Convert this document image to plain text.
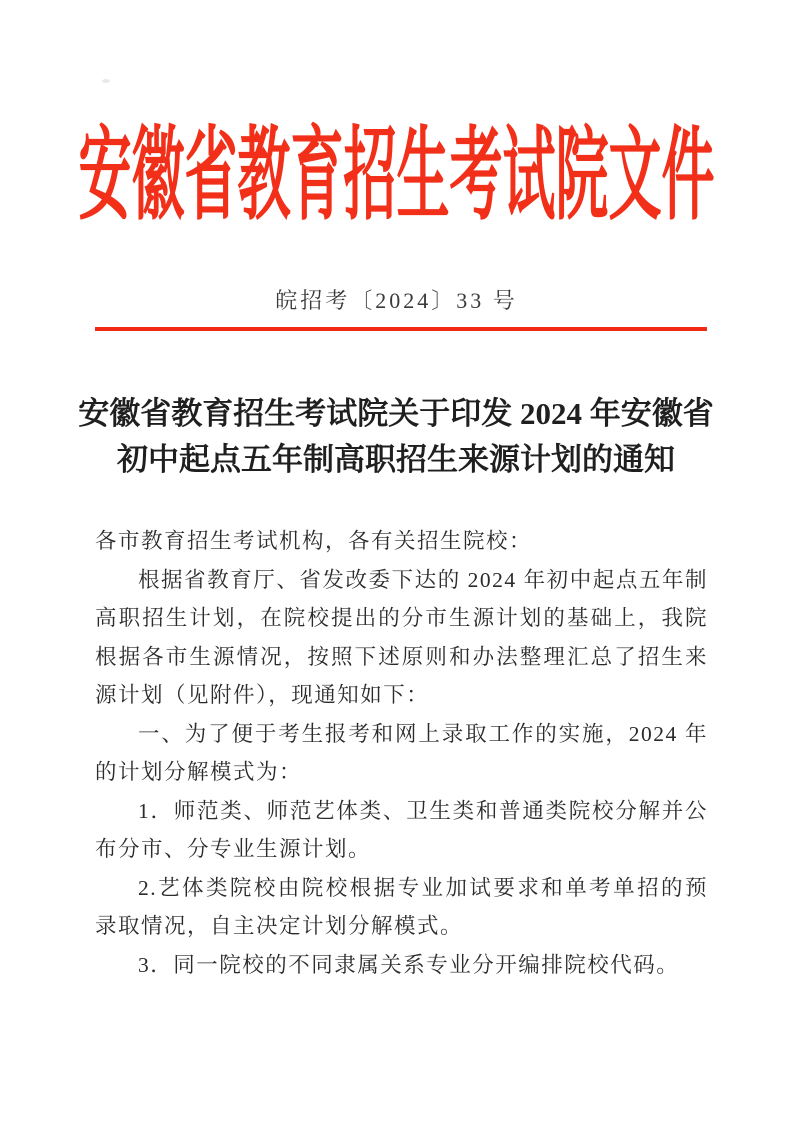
安徽省教育招生考试院文件
皖招考〔2024〕33 号
安徽省教育招生考试院关于印发 2024 年安徽省
初中起点五年制高职招生来源计划的通知

各市教育招生考试机构，各有关招生院校：

根据省教育厅、省发改委下达的 2024 年初中起点五年制高职招生计划，在院校提出的分市生源计划的基础上，我院根据各市生源情况，按照下述原则和办法整理汇总了招生来源计划（见附件），现通知如下：

一、为了便于考生报考和网上录取工作的实施，2024 年的计划分解模式为：

1．师范类、师范艺体类、卫生类和普通类院校分解并公布分市、分专业生源计划。

2.艺体类院校由院校根据专业加试要求和单考单招的预录取情况，自主决定计划分解模式。

3．同一院校的不同隶属关系专业分开编排院校代码。
